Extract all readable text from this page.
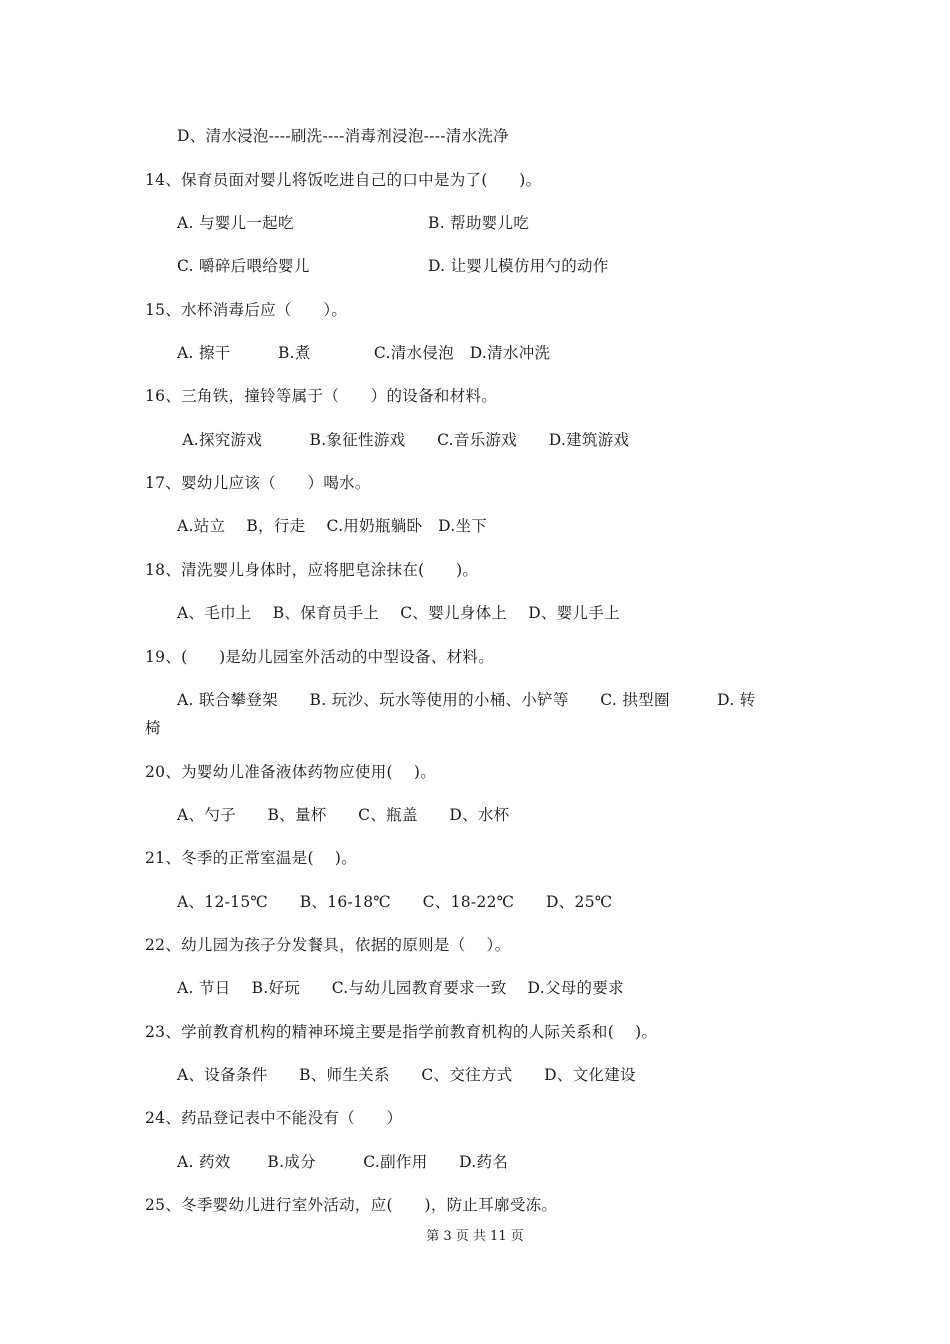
D、清水浸泡----刷洗----消毒剂浸泡----清水洗净
14、保育员面对婴儿将饭吃进自己的口中是为了(　　)。
A. 与婴儿一起吃	B. 帮助婴儿吃
C. 嚼碎后喂给婴儿	D. 让婴儿模仿用勺的动作
15、水杯消毒后应（　　）。
A. 擦干　　　B.煮　　　　C.清水侵泡　D.清水冲洗
16、三角铁，撞铃等属于（　　）的设备和材料。
A.探究游戏　　　B.象征性游戏　　C.音乐游戏　　D.建筑游戏
17、婴幼儿应该（　　）喝水。
A.站立　 B，行走　 C.用奶瓶躺卧　D.坐下
18、清洗婴儿身体时，应将肥皂涂抹在(　　)。
A、毛巾上　 B、保育员手上　 C、婴儿身体上　 D、婴儿手上
19、(　　)是幼儿园室外活动的中型设备、材料。
A. 联合攀登架　　B. 玩沙、玩水等使用的小桶、小铲等　　C. 拱型圈　　　D. 转
椅
20、为婴幼儿准备液体药物应使用(　 )。
A、勺子　　B、量杯　　C、瓶盖　　D、水杯
21、冬季的正常室温是(　 )。
A、12-15℃　　B、16-18℃　　C、18-22℃　　D、25℃
22、幼儿园为孩子分发餐具，依据的原则是（　 ）。
A. 节日　 B.好玩　　C.与幼儿园教育要求一致　 D.父母的要求
23、学前教育机构的精神环境主要是指学前教育机构的人际关系和(　 )。
A、设备条件　　B、师生关系　　C、交往方式　　D、文化建设
24、药品登记表中不能没有（　　）
A. 药效　　 B.成分　　　C.副作用　　D.药名
25、冬季婴幼儿进行室外活动，应(　　)，防止耳廓受冻。
第 3 页 共 11 页
